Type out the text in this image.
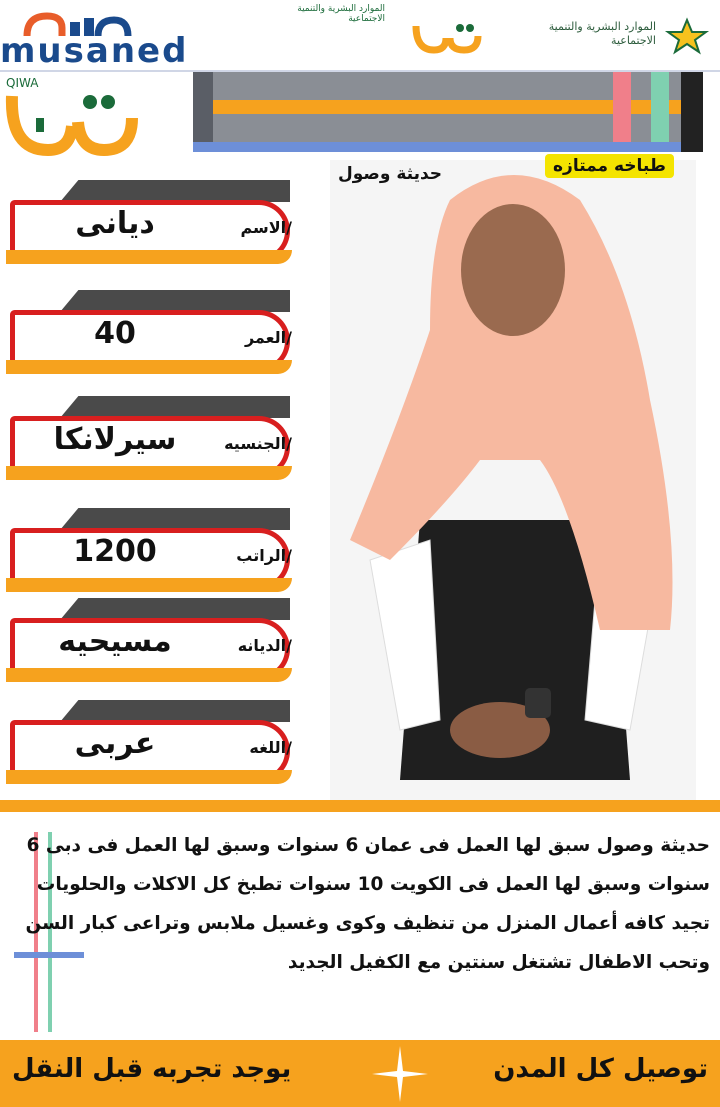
musaned
الموارد البشرية والتنمية الاجتماعية
الموارد البشرية والتنمية الاجتماعية
QIWA
طباخه ممتازه
حديثة وصول
ديانى	الاسم/
40	العمر/
سيرلانكا	الجنسيه/
1200	الراتب/
مسيحيه	الديانه/
عربى	اللغه/
حديثة وصول سبق لها العمل فى عمان 6 سنوات وسبق لها العمل فى دبى 6 سنوات وسبق لها العمل فى الكويت 10 سنوات تطبخ كل الاكلات والحلويات تجيد كافه أعمال المنزل من تنظيف وكوى وغسيل ملابس وتراعى كبار السن وتحب الاطفال تشتغل سنتين مع الكفيل الجديد
يوجد تجربه قبل النقل	توصيل كل المدن
